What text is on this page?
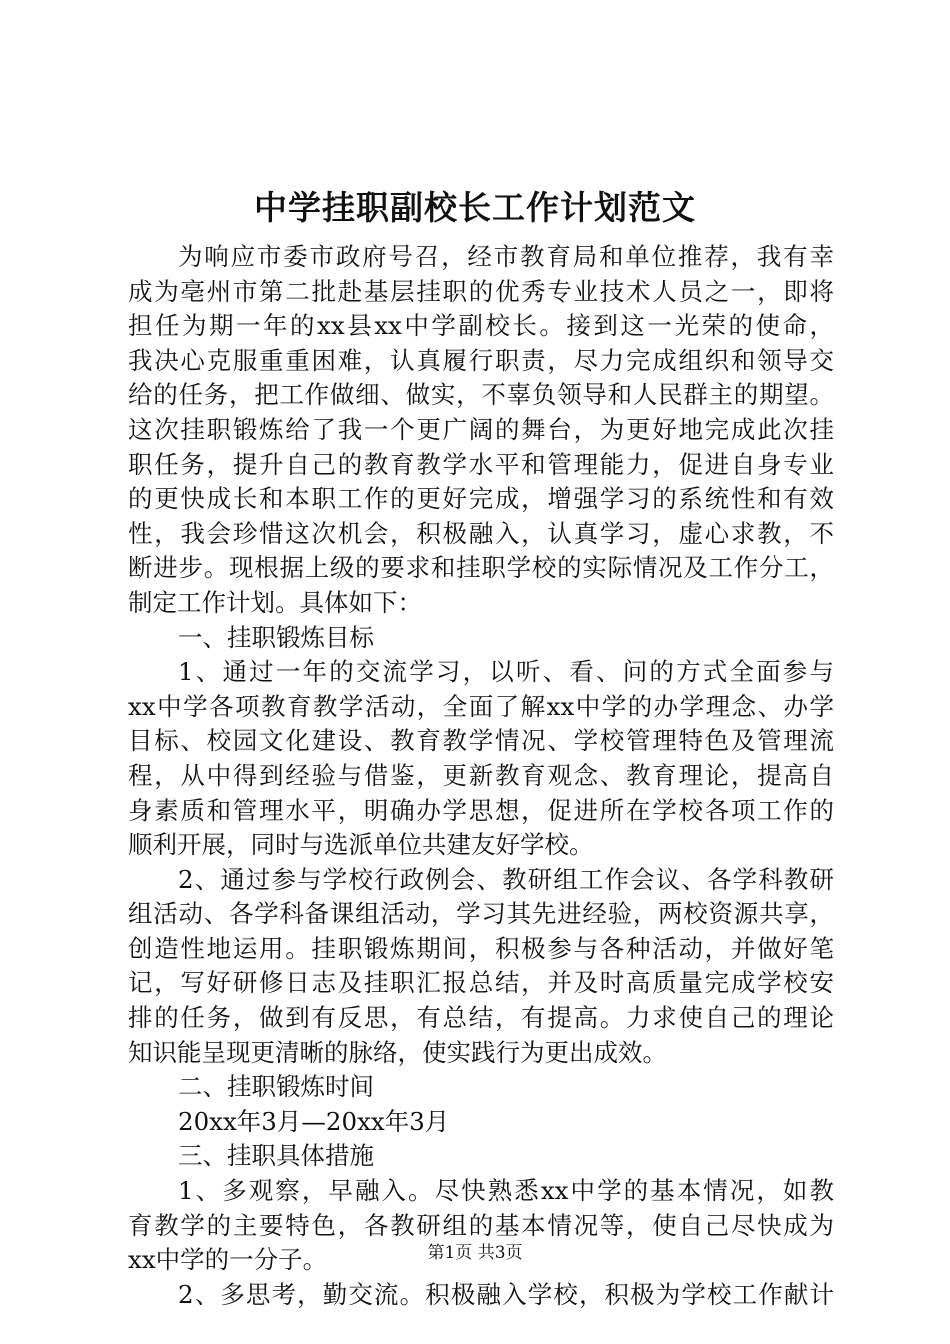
中学挂职副校长工作计划范文
为响应市委市政府号召，经市教育局和单位推荐，我有幸
成为亳州市第二批赴基层挂职的优秀专业技术人员之一，即将
担任为期一年的xx县xx中学副校长。接到这一光荣的使命，
我决心克服重重困难，认真履行职责，尽力完成组织和领导交
给的任务，把工作做细、做实，不辜负领导和人民群主的期望。
这次挂职锻炼给了我一个更广阔的舞台，为更好地完成此次挂
职任务，提升自己的教育教学水平和管理能力，促进自身专业
的更快成长和本职工作的更好完成，增强学习的系统性和有效
性，我会珍惜这次机会，积极融入，认真学习，虚心求教，不
断进步。现根据上级的要求和挂职学校的实际情况及工作分工，
制定工作计划。具体如下：
一、挂职锻炼目标
1、通过一年的交流学习，以听、看、问的方式全面参与
xx中学各项教育教学活动，全面了解xx中学的办学理念、办学
目标、校园文化建设、教育教学情况、学校管理特色及管理流
程，从中得到经验与借鉴，更新教育观念、教育理论，提高自
身素质和管理水平，明确办学思想，促进所在学校各项工作的
顺利开展，同时与选派单位共建友好学校。
2、通过参与学校行政例会、教研组工作会议、各学科教研
组活动、各学科备课组活动，学习其先进经验，两校资源共享，
创造性地运用。挂职锻炼期间，积极参与各种活动，并做好笔
记，写好研修日志及挂职汇报总结，并及时高质量完成学校安
排的任务，做到有反思，有总结，有提高。力求使自己的理论
知识能呈现更清晰的脉络，使实践行为更出成效。
二、挂职锻炼时间
20xx年3月—20xx年3月
三、挂职具体措施
1、多观察，早融入。尽快熟悉xx中学的基本情况，如教
育教学的主要特色，各教研组的基本情况等，使自己尽快成为
xx中学的一分子。
2、多思考，勤交流。积极融入学校，积极为学校工作献计
第1页 共3页
